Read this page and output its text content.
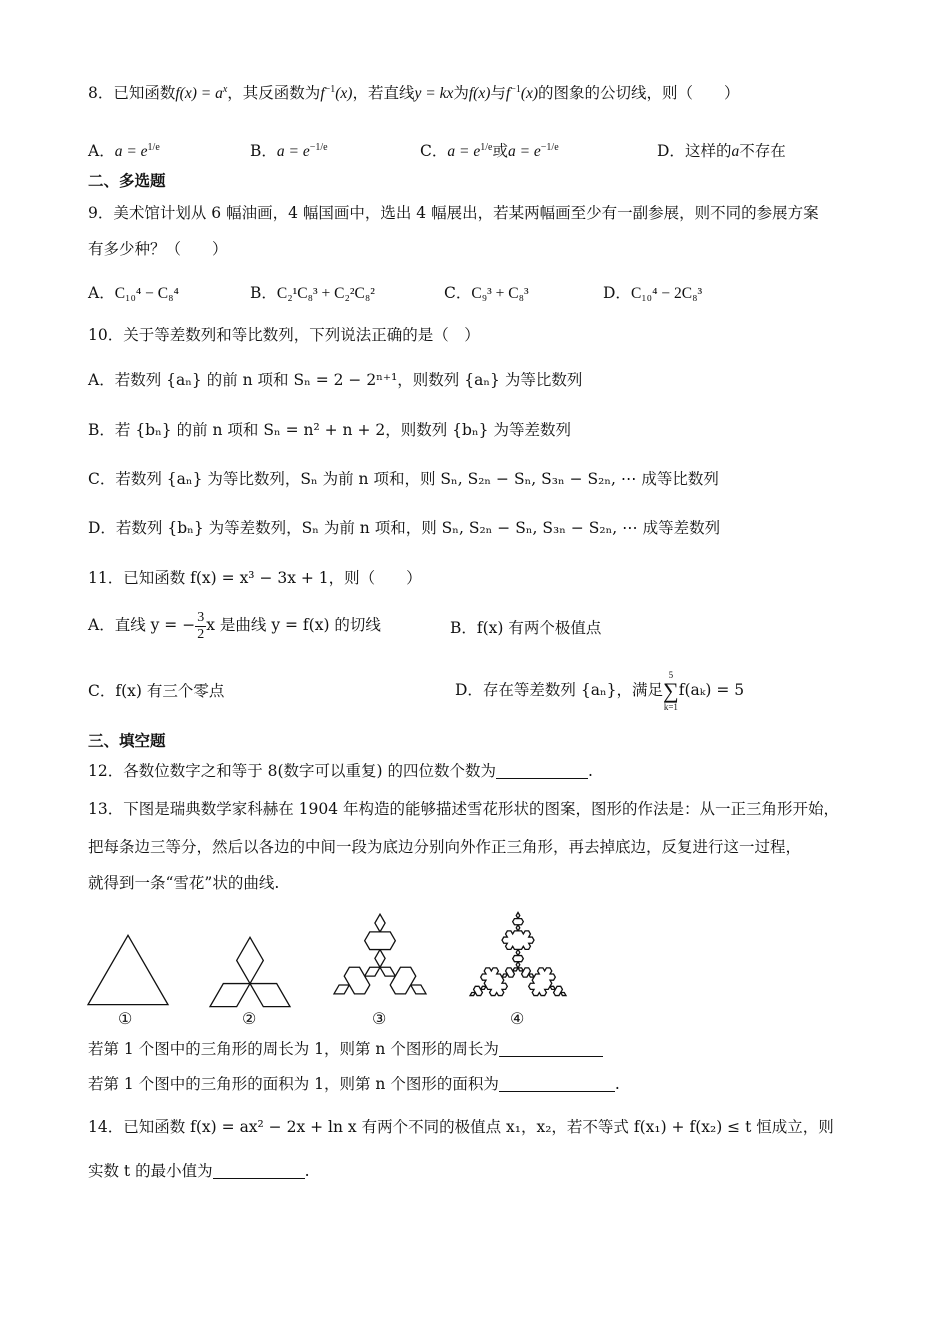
8．已知函数$f(x) = a^x$，其反函数为$f^{-1}(x)$，若直线y = kx为f(x)与$f^{-1}(x)$的图象的公切线，则（　　）
A．$a = e^{1/e}$	B．$a = e^{-1/e}$	C．$a = e^{1/e}$或$a = e^{-1/e}$	D．这样的a不存在
二、多选题
9．美术馆计划从 6 幅油画，4 幅国画中，选出 4 幅展出，若某两幅画至少有一副参展，则不同的参展方案
有多少种？（　　）
A．C₁₀⁴ − C₈⁴	B．C₂¹C₈³ + C₂²C₈²	C．C₉³ + C₈³	D．C₁₀⁴ − 2C₈³
10．关于等差数列和等比数列，下列说法正确的是（　）
A．若数列 {aₙ} 的前 n 项和 Sₙ = 2 − 2ⁿ⁺¹，则数列 {aₙ} 为等比数列
B．若 {bₙ} 的前 n 项和 Sₙ = n² + n + 2，则数列 {bₙ} 为等差数列
C．若数列 {aₙ} 为等比数列，Sₙ 为前 n 项和，则 Sₙ, S₂ₙ − Sₙ, S₃ₙ − S₂ₙ, ⋯ 成等比数列
D．若数列 {bₙ} 为等差数列，Sₙ 为前 n 项和，则 Sₙ, S₂ₙ − Sₙ, S₃ₙ − S₂ₙ, ⋯ 成等差数列
11．已知函数 f(x) = x³ − 3x + 1，则（　　）
A．直线 y = − $\frac{3}{2}$ x 是曲线 y = f(x) 的切线	B．f(x) 有两个极值点
C．f(x) 有三个零点	D．存在等差数列 {aₙ}，满足5
∑
k=1f(aₖ) = 5
三、填空题
12．各数位数字之和等于 8(数字可以重复) 的四位数个数为	.
13．下图是瑞典数学家科赫在 1904 年构造的能够描述雪花形状的图案，图形的作法是：从一正三角形开始，
把每条边三等分，然后以各边的中间一段为底边分别向外作正三角形，再去掉底边，反复进行这一过程，
就得到一条“雪花”状的曲线.
①	②	③	④
若第 1 个图中的三角形的周长为 1，则第 n 个图形的周长为
若第 1 个图中的三角形的面积为 1，则第 n 个图形的面积为	.
14．已知函数 f(x) = ax² − 2x + ln x 有两个不同的极值点 x₁，x₂，若不等式 f(x₁) + f(x₂) ≤ t 恒成立，则
实数 t 的最小值为	.
